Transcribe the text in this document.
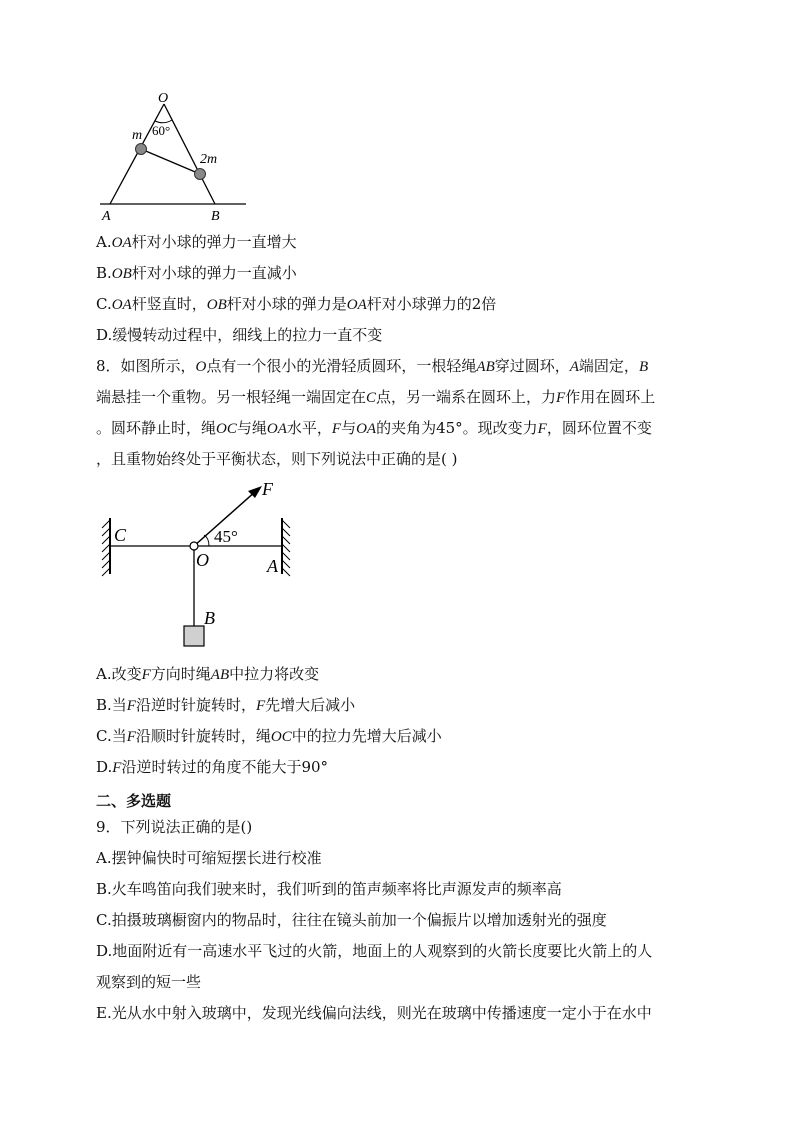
O
m 60°
2m
A	B
A.OA杆对小球的弹力一直增大
B.OB杆对小球的弹力一直减小
C.OA杆竖直时，OB杆对小球的弹力是OA杆对小球弹力的2倍
D.缓慢转动过程中，细线上的拉力一直不变
8．如图所示，O点有一个很小的光滑轻质圆环，一根轻绳AB穿过圆环，A端固定，B
端悬挂一个重物。另一根轻绳一端固定在C点，另一端系在圆环上，力F作用在圆环上
。圆环静止时，绳OC与绳OA水平，F与OA的夹角为45°。现改变力F，圆环位置不变
，且重物始终处于平衡状态，则下列说法中正确的是( )
F
C	45°
O	A
B
A.改变F方向时绳AB中拉力将改变
B.当F沿逆时针旋转时，F先增大后减小
C.当F沿顺时针旋转时，绳OC中的拉力先增大后减小
D.F沿逆时转过的角度不能大于90°
二、多选题
9．下列说法正确的是()
A.摆钟偏快时可缩短摆长进行校准
B.火车鸣笛向我们驶来时，我们听到的笛声频率将比声源发声的频率高
C.拍摄玻璃橱窗内的物品时，往往在镜头前加一个偏振片以增加透射光的强度
D.地面附近有一高速水平飞过的火箭，地面上的人观察到的火箭长度要比火箭上的人
观察到的短一些
E.光从水中射入玻璃中，发现光线偏向法线，则光在玻璃中传播速度一定小于在水中
